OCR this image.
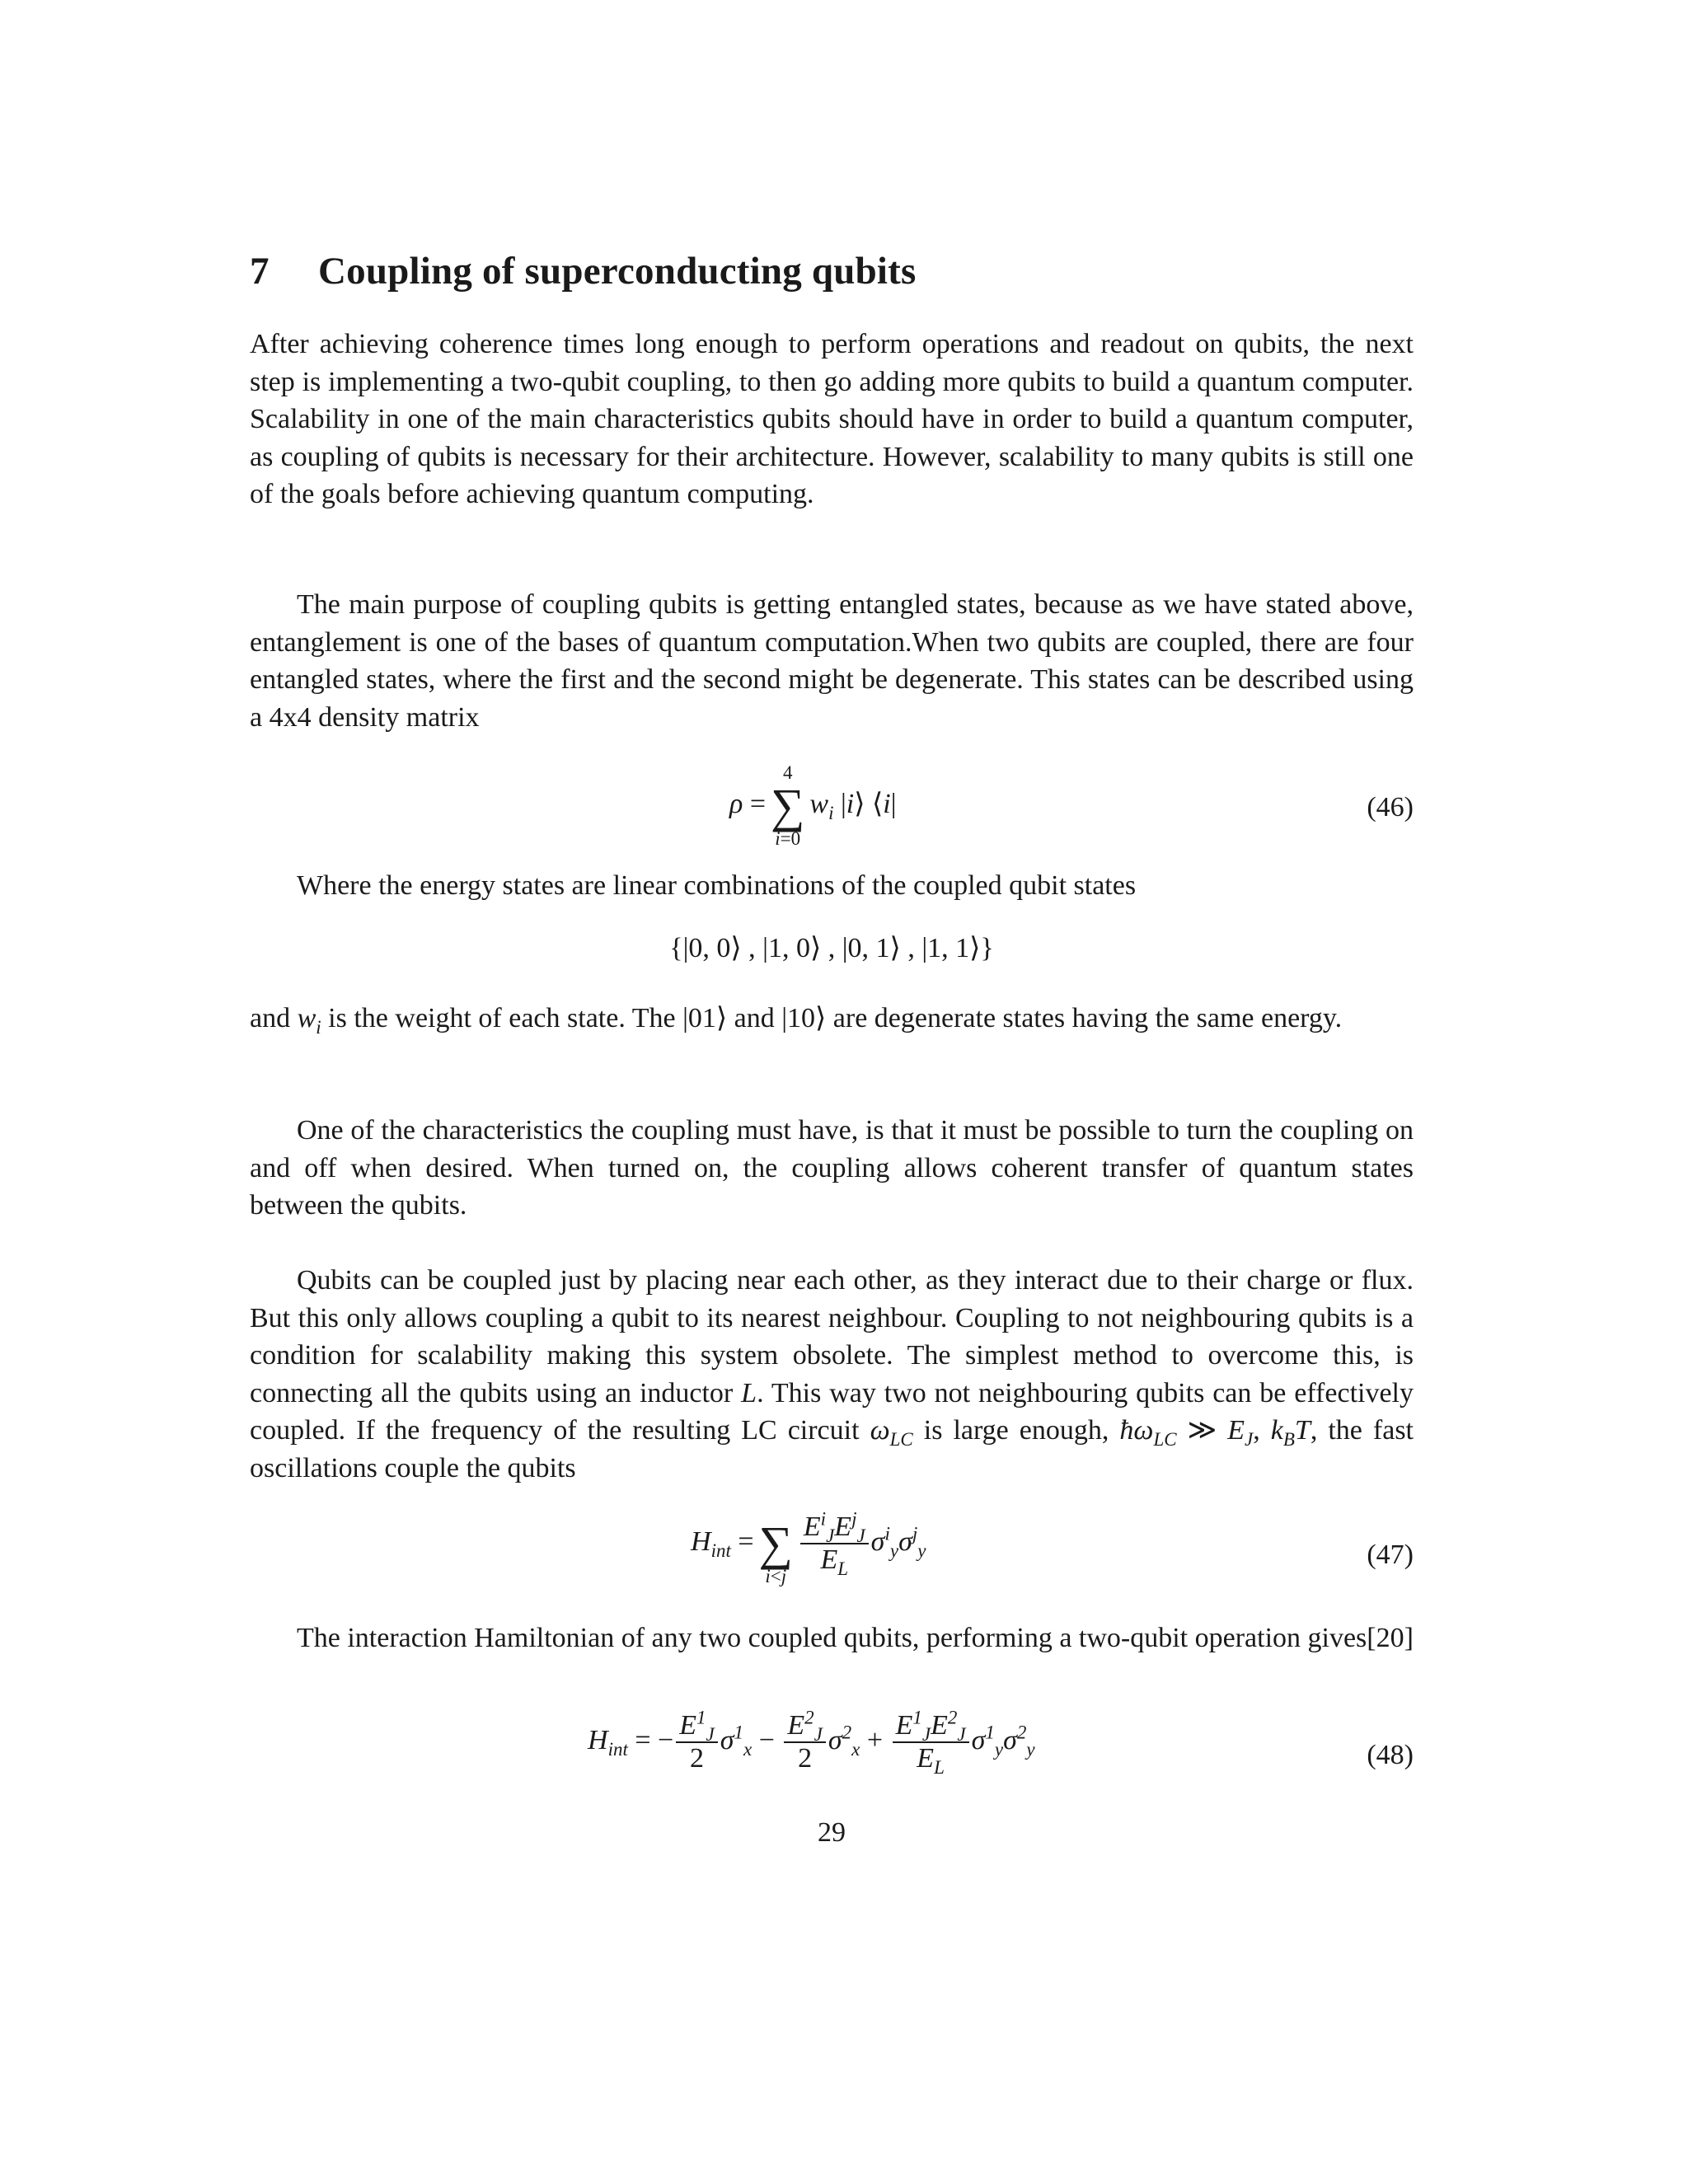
7 Coupling of superconducting qubits

After achieving coherence times long enough to perform operations and readout on qubits, the next step is implementing a two-qubit coupling, to then go adding more qubits to build a quantum computer. Scalability in one of the main characteristics qubits should have in order to build a quantum computer, as coupling of qubits is necessary for their architecture. However, scalability to many qubits is still one of the goals before achieving quantum computing.

The main purpose of coupling qubits is getting entangled states, because as we have stated above, entanglement is one of the bases of quantum computation.When two qubits are coupled, there are four entangled states, where the first and the second might be degenerate. This states can be described using a 4x4 density matrix

ρ =
4
∑
i=0
$w_i$ |i⟩ ⟨i|	(46)

Where the energy states are linear combinations of the coupled qubit states

{|0, 0⟩ , |1, 0⟩ , |0, 1⟩ , |1, 1⟩}

and $w_i$ is the weight of each state. The |01⟩ and |10⟩ are degenerate states having the same energy.

One of the characteristics the coupling must have, is that it must be possible to turn the coupling on and off when desired. When turned on, the coupling allows coherent transfer of quantum states between the qubits.

Qubits can be coupled just by placing near each other, as they interact due to their charge or flux. But this only allows coupling a qubit to its nearest neighbour. Coupling to not neighbouring qubits is a condition for scalability making this system obsolete. The simplest method to overcome this, is connecting all the qubits using an inductor L. This way two not neighbouring qubits can be effectively coupled. If the frequency of the resulting LC circuit $\omega_{LC}$ is large enough, $ħ\omega_{LC}$ ≫ $E_J$, $k_BT$, the fast oscillations couple the qubits

$H_{int}$ =
∑
i<j
$\frac{E^i_JE^j_J}{E_L} \sigma^i_y\sigma^j_y$	(47)

The interaction Hamiltonian of any two coupled qubits, performing a two-qubit operation gives[20]

$H_{int}$ = − $\frac{E^1_J}{2} \sigma^1_x - \frac{E^2_J}{2} \sigma^2_x + \frac{E^1_JE^2_J}{E_L} \sigma^1_y\sigma^2_y$	(48)

29
